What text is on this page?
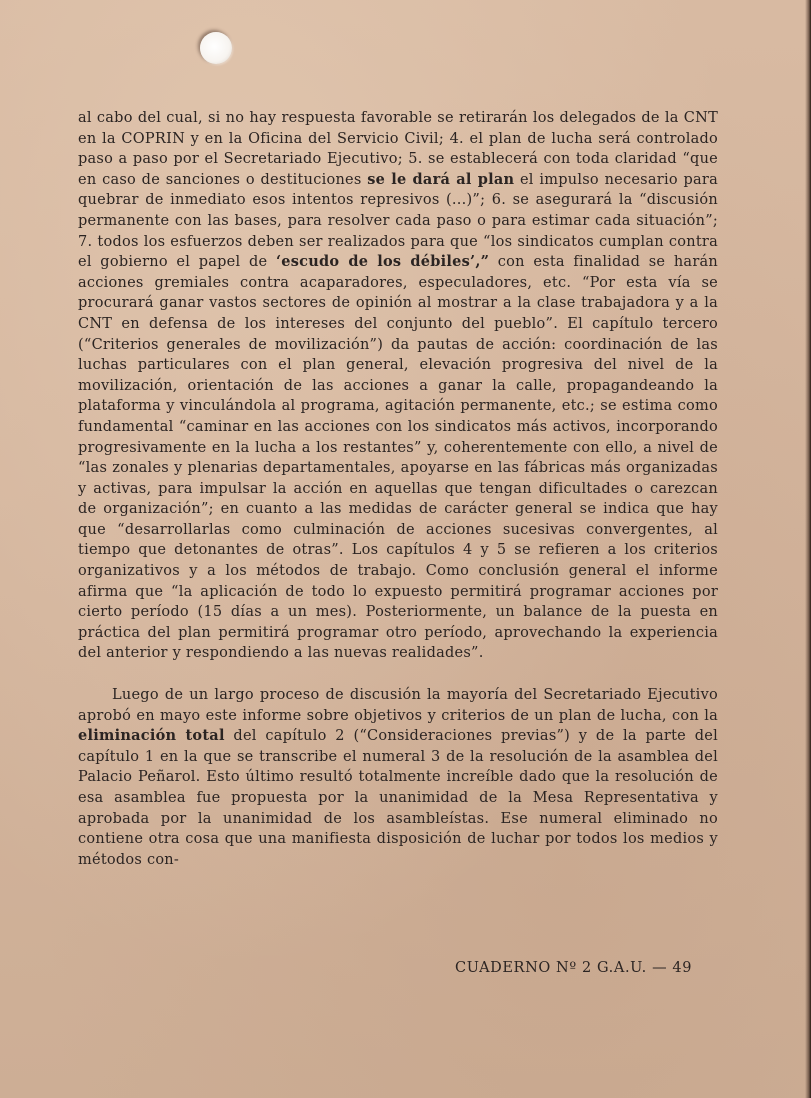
al cabo del cual, si no hay respuesta favorable se retirarán los delegados de la CNT en la COPRIN y en la Oficina del Servicio Civil; 4. el plan de lucha será controlado paso a paso por el Secretariado Ejecutivo; 5. se establecerá con toda claridad “que en caso de sanciones o destituciones se le dará al plan el impulso necesario para quebrar de inmediato esos intentos represivos (...)”; 6. se asegurará la “discusión permanente con las bases, para resolver cada paso o para estimar cada situación”; 7. todos los esfuerzos deben ser realizados para que “los sindicatos cumplan contra el gobierno el papel de ‘escudo de los débiles’,” con esta finalidad se harán acciones gremiales contra acaparadores, especuladores, etc. “Por esta vía se procurará ganar vastos sectores de opinión al mostrar a la clase trabajadora y a la CNT en defensa de los intereses del conjunto del pueblo”. El capítulo tercero (“Criterios generales de movilización”) da pautas de acción: coordinación de las luchas particulares con el plan general, elevación progresiva del nivel de la movilización, orientación de las acciones a ganar la calle, propagandeando la plataforma y vinculándola al programa, agitación permanente, etc.; se estima como fundamental “caminar en las acciones con los sindicatos más activos, incorporando progresivamente en la lucha a los restantes” y, coherentemente con ello, a nivel de “las zonales y plenarias departamentales, apoyarse en las fábricas más organizadas y activas, para impulsar la acción en aquellas que tengan dificultades o carezcan de organización”; en cuanto a las medidas de carácter general se indica que hay que “desarrollarlas como culminación de acciones sucesivas convergentes, al tiempo que detonantes de otras”. Los capítulos 4 y 5 se refieren a los criterios organizativos y a los métodos de trabajo. Como conclusión general el informe afirma que “la aplicación de todo lo expuesto permitirá programar acciones por cierto período (15 días a un mes). Posteriormente, un balance de la puesta en práctica del plan permitirá programar otro período, aprovechando la experiencia del anterior y respondiendo a las nuevas realidades”.

Luego de un largo proceso de discusión la mayoría del Secretariado Ejecutivo aprobó en mayo este informe sobre objetivos y criterios de un plan de lucha, con la eliminación total del capítulo 2 (“Consideraciones previas”) y de la parte del capítulo 1 en la que se transcribe el numeral 3 de la resolución de la asamblea del Palacio Peñarol. Esto último resultó totalmente increíble dado que la resolución de esa asamblea fue propuesta por la unanimidad de la Mesa Representativa y aprobada por la unanimidad de los asambleístas. Ese numeral eliminado no contiene otra cosa que una manifiesta disposición de luchar por todos los medios y métodos con-

CUADERNO Nº 2 G.A.U. — 49
